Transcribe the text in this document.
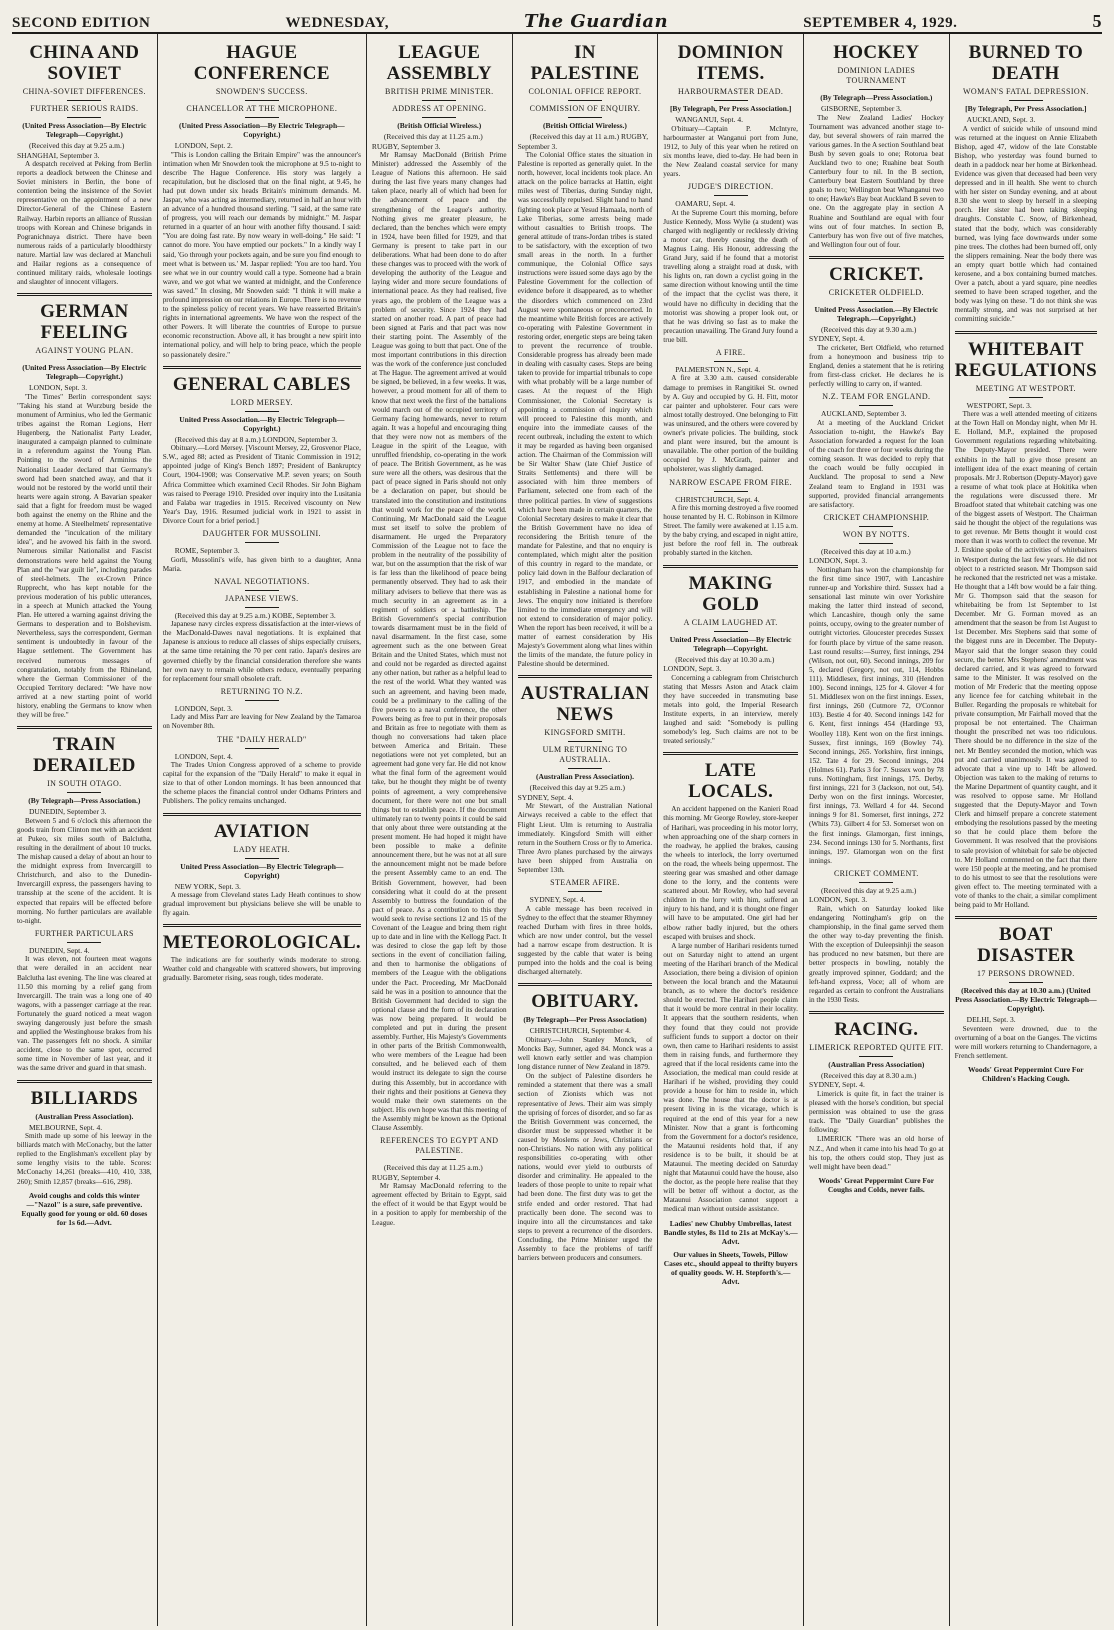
SECOND EDITION	WEDNESDAY,	The Guardian	SEPTEMBER 4, 1929.	5
CHINA AND SOVIET
CHINA-SOVIET DIFFERENCES.
FURTHER SERIOUS RAIDS.
(United Press Association—By Electric Telegraph—Copyright.)

(Received this day at 9.25 a.m.) SHANGHAI, September 3.

A despatch received at Peking from Berlin reports a deadlock between the Chinese and Soviet ministers in Berlin, the bone of contention being the insistence of the Soviet representative on the appointment of a new Director-General of the Chinese Eastern Railway. Harbin reports an alliance of Russian troops with Korean and Chinese brigands in Pogranichnaya district. There have been numerous raids of a particularly bloodthirsty nature. Martial law was declared at Manchuli and Hailar regions as a consequence of continued military raids, wholesale lootings and slaughter of innocent villagers.

GERMAN FEELING
AGAINST YOUNG PLAN.
(United Press Association—By Electric Telegraph—Copyright.)

LONDON, Sept. 3.

'The Times'' Berlin correspondent says: "Taking his stand at Wurzburg beside the monument of Arminius, who led the Germanic tribes against the Roman Legions, Herr Hugenberg, the Nationalist Party Leader, inaugurated a campaign planned to culminate in a referendum against the Young Plan. Pointing to the sword of Arminius the Nationalist Leader declared that Germany's sword had been snatched away, and that it would not be restored by the world until their hearts were again strong. A Bavarian speaker said that a fight for freedom must be waged both against the enemy on the Rhine and the enemy at home. A Steelhelmets' representative demanded the "inculcation of the military idea", and he avowed his faith in the sword. Numerous similar Nationalist and Fascist demonstrations were held against the Young Plan and the "war guilt lie", including parades of steel-helmets. The ex-Crown Prince Rupprecht, who has kept notable for the previous moderation of his public utterances, in a speech at Munich attacked the Young Plan. He uttered a warning against driving the Germans to desperation and to Bolshevism. Nevertheless, says the correspondent, German sentiment is undoubtedly in favour of the Hague settlement. The Government has received numerous messages of congratulation, notably from the Rhineland, where the German Commissioner of the Occupied Territory declared: "We have now arrived at a new starting point of world history, enabling the Germans to know when they will be free."

TRAIN DERAILED
IN SOUTH OTAGO.
(By Telegraph—Press Association.)

DUNEDIN, September 3.

Between 5 and 6 o'clock this afternoon the goods train from Clinton met with an accident at Pukeo, six miles south of Balclutha, resulting in the derailment of about 10 trucks. The mishap caused a delay of about an hour to the midnight express from Invercargill to Christchurch, and also to the Dunedin-Invercargill express, the passengers having to transship at the scene of the accident. It is expected that repairs will be effected before morning. No further particulars are available to-night.

FURTHER PARTICULARS

DUNEDIN, Sept. 4.

It was eleven, not fourteen meat wagons that were derailed in an accident near Balclutha last evening. The line was cleared at 11.50 this morning by a relief gang from Invercargill. The train was a long one of 40 wagons, with a passenger carriage at the rear. Fortunately the guard noticed a meat wagon swaying dangerously just before the smash and applied the Westinghouse brakes from his van. The passengers felt no shock. A similar accident, close to the same spot, occurred some time in November of last year, and it was the same driver and guard in that smash.

BILLIARDS
(Australian Press Association).

MELBOURNE, Sept. 4.

Smith made up some of his leeway in the billiards match with McConachy, but the latter replied to the Englishman's excellent play by some lengthy visits to the table. Scores: McConachy 14,261 (breaks—410, 410, 338, 260); Smith 12,857 (breaks—616, 298).

Avoid coughs and colds this winter—"Nazol" is a sure, safe preventive. Equally good for young or old. 60 doses for 1s 6d.—Advt.

HAGUE CONFERENCE
SNOWDEN'S SUCCESS.
CHANCELLOR AT THE MICROPHONE.
(United Press Association—By Electric Telegraph—Copyright.)

LONDON, Sept. 2.

"This is London calling the Britain Empire" was the announcer's intimation when Mr Snowden took the microphone at 9.5 to-night to describe The Hague Conference. His story was largely a recapitulation, but he disclosed that on the final night, at 9.45, he had put down under six heads Britain's minimum demands. M. Jaspar, who was acting as intermediary, returned in half an hour with an advance of a hundred thousand sterling. "I said, at the same rate of progress, you will reach our demands by midnight." M. Jaspar returned in a quarter of an hour with another fifty thousand. I said: "You are doing fast rate. By now weary in well-doing." He said: "I cannot do more. You have emptied our pockets." In a kindly way I said, 'Go through your pockets again, and be sure you find enough to meet what is between us.' M. Jaspar replied: 'You are too hard. You see what we in our country would call a type. Someone had a brain wave, and we got what we wanted at midnight, and the Conference was saved." In closing, Mr Snowden said: "I think it will make a profound impression on our relations in Europe. There is no revenue to the spineless policy of recent years. We have reasserted Britain's rights in international agreements. We have won the respect of the other Powers. It will liberate the countries of Europe to pursue economic reconstruction. Above all, it has brought a new spirit into international policy, and will help to bring peace, which the people so passionately desire."

GENERAL CABLES
LORD MERSEY.
United Press Association.—By Electric Telegraph—Copyright.)

(Received this day at 8 a.m.) LONDON, September 3.

Obituary.—Lord Mersey. [Viscount Mersey, 22, Grosvenor Place, S.W., aged 88; acted as President of Titanic Commission in 1912; appointed judge of King's Bench 1897; President of Bankruptcy Court, 1904-1908; was Conservative M.P. seven years; on South Africa Committee which examined Cecil Rhodes. Sir John Bigham was raised to Peerage 1910. Presided over inquiry into the Lusitania and Falaba war tragedies in 1915. Received viscounty on New Year's Day, 1916. Resumed judicial work in 1921 to assist in Divorce Court for a brief period.]

DAUGHTER FOR MUSSOLINI.

ROME, September 3.

Gorli, Mussolini's wife, has given birth to a daughter, Anna Maria.

NAVAL NEGOTIATIONS.
JAPANESE VIEWS.

(Received this day at 9.25 a.m.) KOBE, September 3.

Japanese navy circles express dissatisfaction at the inter-views of the MacDonald-Dawes naval negotiations. It is explained that Japanese is anxious to reduce all classes of ships especially cruisers, at the same time retaining the 70 per cent ratio. Japan's desires are governed chiefly by the financial consideration therefore she wants her own navy to remain while others reduce, eventually preparing for replacement four small obsolete craft.

RETURNING TO N.Z.

LONDON, Sept. 3.

Lady and Miss Parr are leaving for New Zealand by the Tamaroa on November 8th.

THE "DAILY HERALD"

LONDON, Sept. 4.

The Trades Union Congress approved of a scheme to provide capital for the expansion of the "Daily Herald" to make it equal in size to that of other London mornings. It has been announced that the scheme places the financial control under Odhams Printers and Publishers. The policy remains unchanged.

AVIATION
LADY HEATH.
United Press Association—By Electric Telegraph—Copyright)

NEW YORK, Sept. 3.

A message from Cleveland states Lady Heath continues to show gradual improvement but physicians believe she will be unable to fly again.

METEOROLOGICAL.

The indications are for southerly winds moderate to strong. Weather cold and changeable with scattered showers, but improving gradually. Barometer rising, seas rough, tides moderate.

LEAGUE ASSEMBLY
BRITISH PRIME MINISTER.
ADDRESS AT OPENING.
(British Official Wireless.)

(Received this day at 11.25 a.m.) RUGBY, September 3.

Mr Ramsay MacDonald (British Prime Minister) addressed the Assembly of the League of Nations this afternoon. He said during the last five years many changes had taken place, nearly all of which had been for the advancement of peace and the strengthening of the League's authority. Nothing gives me greater pleasure, he declared, than the benches which were empty in 1924, have been filled for 1929, and that Germany is present to take part in our deliberations. What had been done to do after these changes was to proceed with the work of developing the authority of the League and laying wider and more secure foundations of international peace. As they had realised, five years ago, the problem of the League was a problem of security. Since 1924 they had started on another road. A part of peace had been signed at Paris and that pact was now their starting point. The Assembly of the League was going to butt that pact. One of the most important contributions in this direction was the work of the conference just concluded at The Hague. The agreement arrived at would be signed, be believed, in a few weeks. It was, however, a proud moment for all of them to know that next week the first of the battalions would march out of the occupied territory of Germany facing homewards, never to return again. It was a hopeful and encouraging thing that they were now not as members of the League in the spirit of the League, with unruffled friendship, co-operating in the work of peace. The British Government, as he was sure were all the others, was desirous that the pact of peace signed in Paris should not only be a declaration on paper, but should be translated into the constitution and institutions that would work for the peace of the world. Continuing, Mr MacDonald said the League must set itself to solve the problem of disarmament. He urged the Preparatory Commission of the League not to face the problem in the neutrality of the possibility of war, but on the assumption that the risk of war is far less than the likelihood of peace being permanently observed. They had to ask their military advisers to believe that there was as much security in an agreement as in a regiment of soldiers or a battleship. The British Government's special contribution towards disarmament must be in the field of naval disarmament. In the first case, some agreement such as the one between Great Britain and the United States, which must not and could not be regarded as directed against any other nation, but rather as a helpful lead to the rest of the world. What they wanted was such an agreement, and having been made, could be a preliminary to the calling of the five powers to a naval conference, the other Powers being as free to put in their proposals and Britain as free to negotiate with them as though no conversations had taken place between America and Britain. These negotiations were not yet completed, but an agreement had gone very far. He did not know what the final form of the agreement would take, but he thought they might be of twenty points of agreement, a very comprehensive document, for there were not one but small things but to establish peace. If the document ultimately ran to twenty points it could be said that only about three were outstanding at the present moment. He had hoped it might have been possible to make a definite announcement there, but he was not at all sure the announcement might not be made before the present Assembly came to an end. The British Government, however, had been considering what it could do at the present Assembly to buttress the foundation of the pact of peace. As a contribution to this they would seek to revise sections 12 and 15 of the Covenant of the League and bring them right up to date and in line with the Kellogg Pact. It was desired to close the gap left by those sections in the event of conciliation failing, and then to harmonise the obligations of members of the League with the obligations under the Pact. Proceeding, Mr MacDonald said he was in a position to announce that the British Government had decided to sign the optional clause and the form of its declaration was now being prepared. It would be completed and put in during the present assembly. Further, His Majesty's Governments in other parts of the British Commonwealth, who were members of the League had been consulted, and he believed each of them would instruct its delegate to sign the course during this Assembly, but in accordance with their rights and their positions at Geneva they would make their own statements on the subject. His own hope was that this meeting of the Assembly might be known as the Optional Clause Assembly.

REFERENCES TO EGYPT AND PALESTINE.

(Received this day at 11.25 a.m.) RUGBY, September 4.

Mr Ramsay MacDonald referring to the agreement effected by Britain to Egypt, said the effect of it would be that Egypt would be in a position to apply for membership of the League.

IN PALESTINE
COLONIAL OFFICE REPORT.
COMMISSION OF ENQUIRY.
(British Official Wireless.)

(Received this day at 11 a.m.) RUGBY, September 3.

The Colonial Office states the situation in Palestine is reported as generally quiet. In the north, however, local incidents took place. An attack on the police barracks at Hattin, eight miles west of Tiberias, during Sunday night, was successfully repulsed. Slight hand to hand fighting took place at Yesud Hamaala, north of Lake Tiberias, some arrests being made without casualties to British troops. The general attitude of trans-Jordan tribes is stated to be satisfactory, with the exception of two small areas in the north. In a further communique, the Colonial Office says instructions were issued some days ago by the Palestine Government for the collection of evidence before it disappeared, as to whether the disorders which commenced on 23rd August were spontaneous or preconcerted. In the meantime while British forces are actively co-operating with Palestine Government in restoring order, energetic steps are being taken to prevent the recurrence of trouble. Considerable progress has already been made in dealing with casualty cases. Steps are being taken to provide for impartial tribunals to cope with what probably will be a large number of cases. At the request of the High Commissioner, the Colonial Secretary is appointing a commission of inquiry which will proceed to Palestine this month, and enquire into the immediate causes of the recent outbreak, including the extent to which it may be regarded as having been organised action. The Chairman of the Commission will be Sir Walter Shaw (late Chief Justice of Straits Settlements) and there will be associated with him three members of Parliament, selected one from each of the three political parties. In view of suggestions which have been made in certain quarters, the Colonial Secretary desires to make it clear that the British Government have no idea of reconsidering the British tenure of the mandate for Palestine, and that no enquiry is contemplated, which might alter the position of this country in regard to the mandate, or policy laid down in the Balfour declaration of 1917, and embodied in the mandate of establishing in Palestine a national home for Jews. The enquiry now initiated is therefore limited to the immediate emergency and will not extend to consideration of major policy. When the report has been received, it will be a matter of earnest consideration by His Majesty's Government along what lines within the limits of the mandate, the future policy in Palestine should be determined.

AUSTRALIAN NEWS
KINGSFORD SMITH.
ULM RETURNING TO AUSTRALIA.
(Australian Press Association).

(Received this day at 9.25 a.m.) SYDNEY, Sept. 4.

Mr Stewart, of the Australian National Airways received a cable to the effect that Flight Lieut. Ulm is returning to Australia immediately. Kingsford Smith will either return in the Southern Cross or fly to America. Three Avro planes purchased by the airways have been shipped from Australia on September 13th.

STEAMER AFIRE.

SYDNEY, Sept. 4.

A cable message has been received in Sydney to the effect that the steamer Rhymney reached Durham with fires in three holds, which are now under control, but the vessel had a narrow escape from destruction. It is suggested by the cable that water is being pumped into the holds and the coal is being discharged alternately.

OBITUARY.
(By Telegraph—Per Press Association)

CHRISTCHURCH, September 4.

Obituary.—John Stanley Monck, of Moncks Bay, Sumner, aged 84. Monck was a well known early settler and was champion long distance runner of New Zealand in 1879.

On the subject of Palestine disorders he reminded a statement that there was a small section of Zionists which was not representative of Jews. Their aim was simply the uprising of forces of disorder, and so far as the British Government was concerned, the disorder must be suppressed whether it be caused by Moslems or Jews, Christians or non-Christians. No nation with any political responsibilities co-operating with other nations, would ever yield to outbursts of disorder and criminality. He appealed to the leaders of those people to unite to repair what had been done. The first duty was to get the strife ended and order restored. That had practically been done. The second was to inquire into all the circumstances and take steps to prevent a recurrence of the disorders. Concluding, the Prime Minister urged the Assembly to face the problems of tariff barriers between producers and consumers.

DOMINION ITEMS.
HARBOURMASTER DEAD.
[By Telegraph, Per Press Association.]

WANGANUI, Sept. 4.

O'bituary—Captain P. McIntyre, harbourmaster at Wanganui port from June, 1912, to July of this year when he retired on six months leave, died to-day. He had been in the New Zealand coastal service for many years.

JUDGE'S DIRECTION.

OAMARU, Sept. 4.

At the Supreme Court this morning, before Justice Kennedy, Moss Wylie (a student) was charged with negligently or recklessly driving a motor car, thereby causing the death of Magnus Laing. His Honour, addressing the Grand Jury, said if he found that a motorist travelling along a straight road at dusk, with his lights on, ran down a cyclist going in the same direction without knowing until the time of the impact that the cyclist was there, it would have no difficulty in deciding that the motorist was showing a proper look out, or that he was driving so fast as to make the precaution unavailing. The Grand Jury found a true bill.

A FIRE.

PALMERSTON N., Sept. 4.

A fire at 3.30 a.m. caused considerable damage to premises in Rangitikei St. owned by A. Guy and occupied by G. H. Fitt, motor car painter and upholsterer. Four cars were almost totally destroyed. One belonging to Fitt was uninsured, and the others were covered by owner's private policies. The building, stock and plant were insured, but the amount is unavailable. The other portion of the building occupied by J. McGrath, painter and upholsterer, was slightly damaged.

NARROW ESCAPE FROM FIRE.

CHRISTCHURCH, Sept. 4.

A fire this morning destroyed a five roomed house tenanted by H. C. Robinson in Kilmore Street. The family were awakened at 1.15 a.m. by the baby crying, and escaped in night attire, just before the roof fell in. The outbreak probably started in the kitchen.

MAKING GOLD
A CLAIM LAUGHED AT.
United Press Association—By Electric Telegraph—Copyright.

(Received this day at 10.30 a.m.) LONDON, Sept. 3.

Concerning a cablegram from Christchurch stating that Messrs Aston and Atack claim they have succeeded in transmuting base metals into gold, the Imperial Research Institute experts, in an interview, merely laughed and said: "Somebody is pulling somebody's leg. Such claims are not to be treated seriously."

LATE LOCALS.

An accident happened on the Kanieri Road this morning. Mr George Rowley, store-keeper of Harihari, was proceeding in his motor lorry, when approaching one of the sharp corners in the roadway, he applied the brakes, causing the wheels to interlock, the lorry overturned on the road, the wheels being uppermost. The steering gear was smashed and other damage done to the lorry, and the contents were scattered about. Mr Rowley, who had several children in the lorry with him, suffered an injury to his hand, and it is thought one finger will have to be amputated. One girl had her elbow rather badly injured, but the others escaped with bruises and shock.

A large number of Harihari residents turned out on Saturday night to attend an urgent meeting of the Harihari branch of the Medical Association, there being a division of opinion between the local branch and the Mataunui branch, as to where the doctor's residence should be erected. The Harihari people claim that it would be more central in their locality. It appears that the southern residents, when they found that they could not provide sufficient funds to support a doctor on their own, then came to Harihari residents to assist them in raising funds, and furthermore they agreed that if the local residents came into the Association, the medical man could reside at Harihari if he wished, providing they could provide a house for him to reside in, which was done. The house that the doctor is at present living in is the vicarage, which is required at the end of this year for a new Minister. Now that a grant is forthcoming from the Government for a doctor's residence, the Mataunui residents hold that, if any residence is to be built, it should be at Mataunui. The meeting decided on Saturday night that Mataunui could have the house, also the doctor, as the people here realise that they will be better off without a doctor, as the Mataunui Association cannot support a medical man without outside assistance.

Ladies' new Chubby Umbrellas, latest Bandle styles, 8s 11d to 21s at McKay's.—Advt.

Our values in Sheets, Towels, Pillow Cases etc., should appeal to thrifty buyers of quality goods. W. H. Stepforth's.—Advt.

HOCKEY
DOMINION LADIES TOURNAMENT
(By Telegraph—Press Association.)

GISBORNE, September 3.

The New Zealand Ladies' Hockey Tournament was advanced another stage to-day, but several showers of rain marred the various games. In the A section Southland beat Bush by seven goals to one; Rotorua beat Auckland two to one; Ruahine beat South Canterbury four to nil. In the B section, Canterbury beat Eastern Southland by three goals to two; Wellington beat Whanganui two to one; Hawke's Bay beat Auckland B seven to one. On the aggregate play in section A Ruahine and Southland are equal with four wins out of four matches. In section B, Canterbury has won five out of five matches, and Wellington four out of four.

CRICKET.
CRICKETER OLDFIELD.
United Press Association.—By Electric Telegraph.—Copyright.)

(Received this day at 9.30 a.m.) SYDNEY, Sept. 4.

The cricketer, Bert Oldfield, who returned from a honeymoon and business trip to England, denies a statement that he is retiring from first-class cricket. He declares he is perfectly willing to carry on, if wanted.

N.Z. TEAM FOR ENGLAND.

AUCKLAND, September 3.

At a meeting of the Auckland Cricket Association to-night, the Hawke's Bay Association forwarded a request for the loan of the coach for three or four weeks during the coming season. It was decided to reply that the coach would be fully occupied in Auckland. The proposal to send a New Zealand team to England in 1931 was supported, provided financial arrangements are satisfactory.

CRICKET CHAMPIONSHIP.
WON BY NOTTS.

(Received this day at 10 a.m.) LONDON, Sept. 3.

Nottingham has won the championship for the first time since 1907, with Lancashire runner-up and Yorkshire third. Sussex had a sensational last minute win over Yorkshire making the latter third instead of second, which Lancashire, though only the same points, occupy, owing to the greater number of outright victories. Gloucester precedes Sussex for fourth place by virtue of the same reason. Last round results:—Surrey, first innings, 294 (Wilson, not out, 60). Second innings, 209 for 5, declared (Gregory, not out, 114, Hobbs 111). Middlesex, first innings, 310 (Hendren 100). Second innings, 125 for 4. Glover 4 for 51. Middlesex won on the first innings. Essex, first innings, 260 (Cutmore 72, O'Connor 103). Bestie 4 for 40. Second innings 142 for 6. Kent, first innings 454 (Hardinge 93, Woolley 118). Kent won on the first innings. Sussex, first innings, 169 (Bowley 74). Second innings, 265. Yorkshire, first innings, 152. Tate 4 for 29. Second innings, 204 (Holmes 61). Parks 3 for 7. Sussex won by 78 runs. Nottingham, first innings, 175. Derby, first innings, 221 for 3 (Jackson, not out, 54). Derby won on the first innings. Worcester, first innings, 73. Wellard 4 for 44. Second innings 9 for 81. Somerset, first innings, 272 (Whits 73). Gilbert 4 for 53. Somerset won on the first innings. Glamorgan, first innings, 234. Second innings 130 for 5. Northants, first innings, 197. Glamorgan won on the first innings.

CRICKET COMMENT.

(Received this day at 9.25 a.m.) LONDON, Sept. 3.

Rain, which on Saturday looked like endangering Nottingham's grip on the championship, in the final game served them the other way to-day preventing the finish. With the exception of Duleepsinhji the season has produced no new batsmen, but there are better prospects in bowling, notably the greatly improved spinner, Goddard; and the left-hand express, Voce; all of whom are regarded as certain to confront the Australians in the 1930 Tests.

RACING.
LIMERICK REPORTED QUITE FIT.
(Australian Press Association)

(Received this day at 8.30 a.m.) SYDNEY, Sept. 4.

Limerick is quite fit, in fact the trainer is pleased with the horse's condition, but special permission was obtained to use the grass track. The "Daily Guardian" publishes the following:

LIMERICK "There was an old horse of N.Z., And when it came into his head To go at his top, the others could stop, They just as well might have been dead."

Woods' Great Peppermint Cure For Coughs and Colds, never fails.

BURNED TO DEATH
WOMAN'S FATAL DEPRESSION.
[By Telegraph, Per Press Association.]

AUCKLAND, Sept. 3.

A verdict of suicide while of unsound mind was returned at the inquest on Annie Elizabeth Bishop, aged 47, widow of the late Constable Bishop, who yesterday was found burned to death in a paddock near her home at Birkenhead. Evidence was given that deceased had been very depressed and in ill health. She went to church with her sister on Sunday evening, and at about 8.30 she went to sleep by herself in a sleeping porch. Her sister had been taking sleeping draughts. Constable C. Snow, of Birkenhead, stated that the body, which was considerably burned, was lying face downwards under some pine trees. The clothes had been burned off, only the slippers remaining. Near the body there was an empty quart bottle which had contained kerosene, and a box containing burned matches. Over a patch, about a yard square, pine needles seemed to have been scraped together, and the body was lying on these. "I do not think she was mentally strong, and was not surprised at her committing suicide."

WHITEBAIT REGULATIONS
MEETING AT WESTPORT.

WESTPORT, Sept. 3.

There was a well attended meeting of citizens at the Town Hall on Monday night, when Mr H. E. Holland, M.P., explained the proposed Government regulations regarding whitebaiting. The Deputy-Mayor presided. There were exhibits in the hall to give those present an intelligent idea of the exact meaning of certain proposals. Mr J. Robertson (Deputy-Mayor) gave a resume of what took place at Hokitika when the regulations were discussed there. Mr Broadfoot stated that whitebait catching was one of the biggest assets of Westport. The Chairman said he thought the object of the regulations was to get revenue. Mr Betts thought it would cost more than it was worth to collect the revenue. Mr J. Erskine spoke of the activities of whitebaiters in Westport during the last few years. He did not object to a restricted season. Mr Thompson said he reckoned that the restricted net was a mistake. He thought that a 14ft bow would be a fair thing. Mr G. Thompson said that the season for whitebaiting be from 1st September to 1st December. Mr G. Forman moved as an amendment that the season be from 1st August to 1st December. Mrs Stephens said that some of the biggest runs are in December. The Deputy-Mayor said that the longer season they could secure, the better. Mrs Stephens' amendment was declared carried, and it was agreed to forward same to the Minister. It was resolved on the motion of Mr Frederic that the meeting oppose any licence fee for catching whitebait in the Buller. Regarding the proposals re whitebait for private consumption, Mr Fairhall moved that the proposal be not entertained. The Chairman thought the prescribed net was too ridiculous. There should be no difference in the size of the net. Mr Bentley seconded the motion, which was put and carried unanimously. It was agreed to advocate that a vine up to 14ft be allowed. Objection was taken to the making of returns to the Marine Department of quantity caught, and it was resolved to oppose same. Mr Holland suggested that the Deputy-Mayor and Town Clerk and himself prepare a concrete statement embodying the resolutions passed by the meeting so that he could place them before the Government. It was resolved that the provisions to sale provision of whitebait for sale be objected to. Mr Holland commented on the fact that there were 150 people at the meeting, and he promised to do his utmost to see that the resolutions were given effect to. The meeting terminated with a vote of thanks to the chair, a similar compliment being paid to Mr Holland.

BOAT DISASTER
17 PERSONS DROWNED.
(Received this day at 10.30 a.m.) (United Press Association.—By Electric Telegraph—Copyright).

DELHI, Sept. 3.

Seventeen were drowned, due to the overturning of a boat on the Ganges. The victims were mill workers returning to Chandernagore, a French settlement.

Woods' Great Peppermint Cure For Children's Hacking Cough.
